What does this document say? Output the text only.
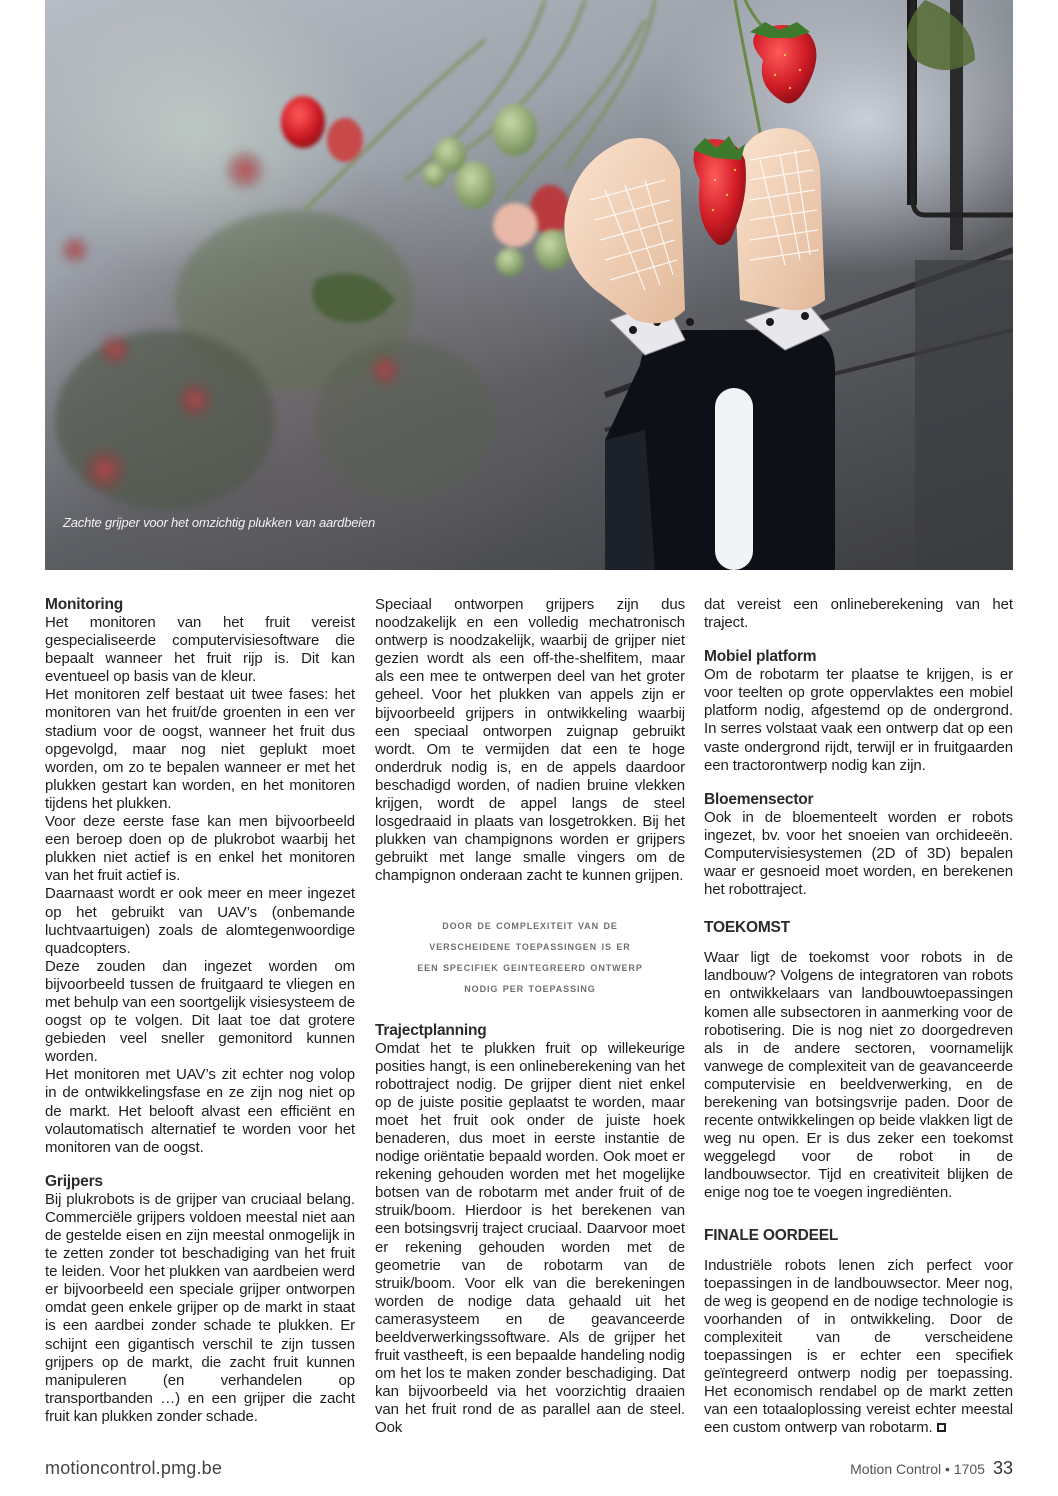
Zachte grijper voor het omzichtig plukken van aardbeien
Monitoring

Het monitoren van het fruit vereist gespecialiseerde computervisiesoftware die bepaalt wanneer het fruit rijp is. Dit kan eventueel op basis van de kleur.

Het monitoren zelf bestaat uit twee fases: het monitoren van het fruit/de groenten in een ver stadium voor de oogst, wanneer het fruit dus opgevolgd, maar nog niet geplukt moet worden, om zo te bepalen wanneer er met het plukken gestart kan worden, en het monitoren tijdens het plukken.

Voor deze eerste fase kan men bijvoorbeeld een beroep doen op de plukrobot waarbij het plukken niet actief is en enkel het monitoren van het fruit actief is.

Daarnaast wordt er ook meer en meer ingezet op het gebruikt van UAV’s (onbemande luchtvaartuigen) zoals de alomtegenwoordige quadcopters.

Deze zouden dan ingezet worden om bijvoorbeeld tussen de fruitgaard te vliegen en met behulp van een soortgelijk visiesysteem de oogst op te volgen. Dit laat toe dat grotere gebieden veel sneller gemonitord kunnen worden.

Het monitoren met UAV’s zit echter nog volop in de ontwikkelingsfase en ze zijn nog niet op de markt. Het belooft alvast een efficiënt en volautomatisch alternatief te worden voor het monitoren van de oogst.

Grijpers

Bij plukrobots is de grijper van cruciaal belang. Commerciële grijpers voldoen meestal niet aan de gestelde eisen en zijn meestal onmogelijk in te zetten zonder tot beschadiging van het fruit te leiden. Voor het plukken van aardbeien werd er bijvoorbeeld een speciale grijper ontworpen omdat geen enkele grijper op de markt in staat is een aardbei zonder schade te plukken. Er schijnt een gigantisch verschil te zijn tussen grijpers op de markt, die zacht fruit kunnen manipuleren (en verhandelen op transportbanden …) en een grijper die zacht fruit kan plukken zonder schade.

Speciaal ontworpen grijpers zijn dus noodzakelijk en een volledig mechatronisch ontwerp is noodzakelijk, waarbij de grijper niet gezien wordt als een off-the-shelfitem, maar als een mee te ontwerpen deel van het groter geheel. Voor het plukken van appels zijn er bijvoorbeeld grijpers in ontwikkeling waarbij een speciaal ontworpen zuignap gebruikt wordt. Om te vermijden dat een te hoge onderdruk nodig is, en de appels daardoor beschadigd worden, of nadien bruine vlekken krijgen, wordt de appel langs de steel losgedraaid in plaats van losgetrokken. Bij het plukken van champignons worden er grijpers gebruikt met lange smalle vingers om de champignon onderaan zacht te kunnen grijpen.

door de complexiteit van de
verscheidene toepassingen is er
een specifiek geintegreerd ontwerp
nodig per toepassing
Trajectplanning

Omdat het te plukken fruit op willekeurige posities hangt, is een onlineberekening van het robottraject nodig. De grijper dient niet enkel op de juiste positie geplaatst te worden, maar moet het fruit ook onder de juiste hoek benaderen, dus moet in eerste instantie de nodige oriëntatie bepaald worden. Ook moet er rekening gehouden worden met het mogelijke botsen van de robotarm met ander fruit of de struik/boom. Hierdoor is het berekenen van een botsingsvrij traject cruciaal. Daarvoor moet er rekening gehouden worden met de geometrie van de robotarm van de struik/boom. Voor elk van die berekeningen worden de nodige data gehaald uit het camerasysteem en de geavanceerde beeldverwerkingssoftware. Als de grijper het fruit vastheeft, is een bepaalde handeling nodig om het los te maken zonder beschadiging. Dat kan bijvoorbeeld via het voorzichtig draaien van het fruit rond de as parallel aan de steel. Ook

dat vereist een onlineberekening van het traject.

Mobiel platform

Om de robotarm ter plaatse te krijgen, is er voor teelten op grote oppervlaktes een mobiel platform nodig, afgestemd op de ondergrond. In serres volstaat vaak een ontwerp dat op een vaste ondergrond rijdt, terwijl er in fruitgaarden een tractorontwerp nodig kan zijn.

Bloemensector

Ook in de bloementeelt worden er robots ingezet, bv. voor het snoeien van orchideeën. Computervisiesystemen (2D of 3D) bepalen waar er gesnoeid moet worden, en berekenen het robottraject.

TOEKOMST

Waar ligt de toekomst voor robots in de landbouw? Volgens de integratoren van robots en ontwikkelaars van landbouwtoepassingen komen alle subsectoren in aanmerking voor de robotisering. Die is nog niet zo doorgedreven als in de andere sectoren, voornamelijk vanwege de complexiteit van de geavanceerde computervisie en beeldverwerking, en de berekening van botsingsvrije paden. Door de recente ontwikkelingen op beide vlakken ligt de weg nu open. Er is dus zeker een toekomst weggelegd voor de robot in de landbouwsector. Tijd en creativiteit blijken de enige nog toe te voegen ingrediënten.

FINALE OORDEEL

Industriële robots lenen zich perfect voor toepassingen in de landbouwsector. Meer nog, de weg is geopend en de nodige technologie is voorhanden of in ontwikkeling. Door de complexiteit van de verscheidene toepassingen is er echter een specifiek geïntegreerd ontwerp nodig per toepassing. Het economisch rendabel op de markt zetten van een totaaloplossing vereist echter meestal een custom ontwerp van robotarm.

motioncontrol.pmg.be	Motion Control • 1705 33
